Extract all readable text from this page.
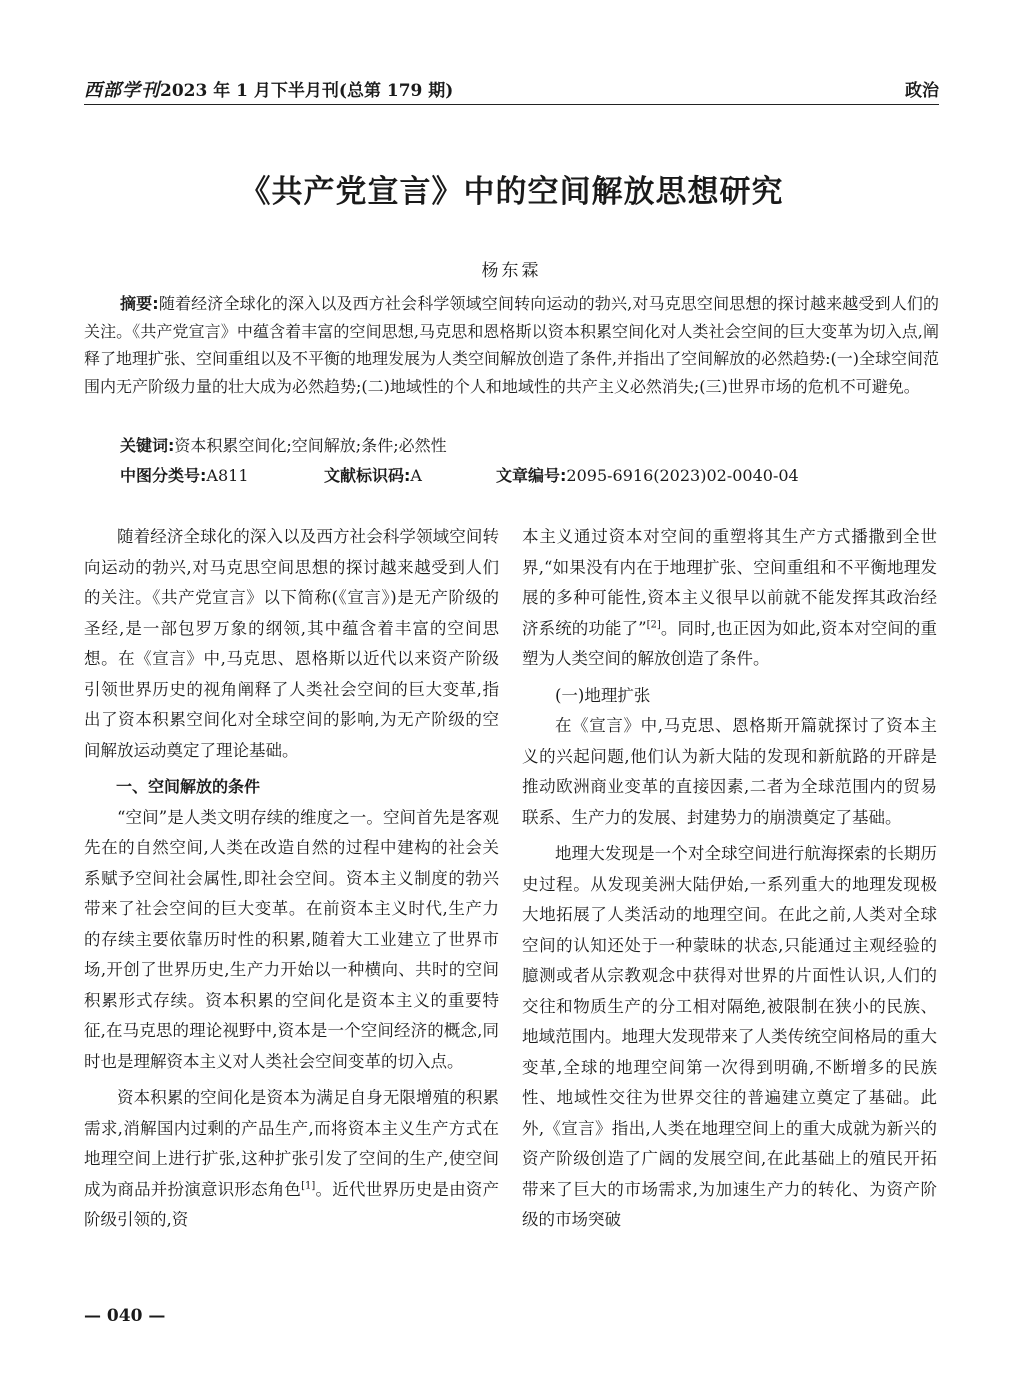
西部学刊 2023 年 1 月下半月刊(总第 179 期)	政治
《共产党宣言》中的空间解放思想研究
杨东霖

摘要:随着经济全球化的深入以及西方社会科学领域空间转向运动的勃兴,对马克思空间思想的探讨越来越受到人们的关注。《共产党宣言》中蕴含着丰富的空间思想,马克思和恩格斯以资本积累空间化对人类社会空间的巨大变革为切入点,阐释了地理扩张、空间重组以及不平衡的地理发展为人类空间解放创造了条件,并指出了空间解放的必然趋势:(一)全球空间范围内无产阶级力量的壮大成为必然趋势;(二)地域性的个人和地域性的共产主义必然消失;(三)世界市场的危机不可避免。

关键词:资本积累空间化;空间解放;条件;必然性
中图分类号:A811	文献标识码:A	文章编号:2095-6916(2023)02-0040-04

随着经济全球化的深入以及西方社会科学领域空间转向运动的勃兴,对马克思空间思想的探讨越来越受到人们的关注。《共产党宣言》以下简称(《宣言》)是无产阶级的圣经,是一部包罗万象的纲领,其中蕴含着丰富的空间思想。在《宣言》中,马克思、恩格斯以近代以来资产阶级引领世界历史的视角阐释了人类社会空间的巨大变革,指出了资本积累空间化对全球空间的影响,为无产阶级的空间解放运动奠定了理论基础。

一、空间解放的条件

“空间”是人类文明存续的维度之一。空间首先是客观先在的自然空间,人类在改造自然的过程中建构的社会关系赋予空间社会属性,即社会空间。资本主义制度的勃兴带来了社会空间的巨大变革。在前资本主义时代,生产力的存续主要依靠历时性的积累,随着大工业建立了世界市场,开创了世界历史,生产力开始以一种横向、共时的空间积累形式存续。资本积累的空间化是资本主义的重要特征,在马克思的理论视野中,资本是一个空间经济的概念,同时也是理解资本主义对人类社会空间变革的切入点。

资本积累的空间化是资本为满足自身无限增殖的积累需求,消解国内过剩的产品生产,而将资本主义生产方式在地理空间上进行扩张,这种扩张引发了空间的生产,使空间成为商品并扮演意识形态角色[1]。近代世界历史是由资产阶级引领的,资

本主义通过资本对空间的重塑将其生产方式播撒到全世界,“如果没有内在于地理扩张、空间重组和不平衡地理发展的多种可能性,资本主义很早以前就不能发挥其政治经济系统的功能了”[2]。同时,也正因为如此,资本对空间的重塑为人类空间的解放创造了条件。

(一)地理扩张

在《宣言》中,马克思、恩格斯开篇就探讨了资本主义的兴起问题,他们认为新大陆的发现和新航路的开辟是推动欧洲商业变革的直接因素,二者为全球范围内的贸易联系、生产力的发展、封建势力的崩溃奠定了基础。

地理大发现是一个对全球空间进行航海探索的长期历史过程。从发现美洲大陆伊始,一系列重大的地理发现极大地拓展了人类活动的地理空间。在此之前,人类对全球空间的认知还处于一种蒙昧的状态,只能通过主观经验的臆测或者从宗教观念中获得对世界的片面性认识,人们的交往和物质生产的分工相对隔绝,被限制在狭小的民族、地域范围内。地理大发现带来了人类传统空间格局的重大变革,全球的地理空间第一次得到明确,不断增多的民族性、地域性交往为世界交往的普遍建立奠定了基础。此外,《宣言》指出,人类在地理空间上的重大成就为新兴的资产阶级创造了广阔的发展空间,在此基础上的殖民开拓带来了巨大的市场需求,为加速生产力的转化、为资产阶级的市场突破

— 040 —
